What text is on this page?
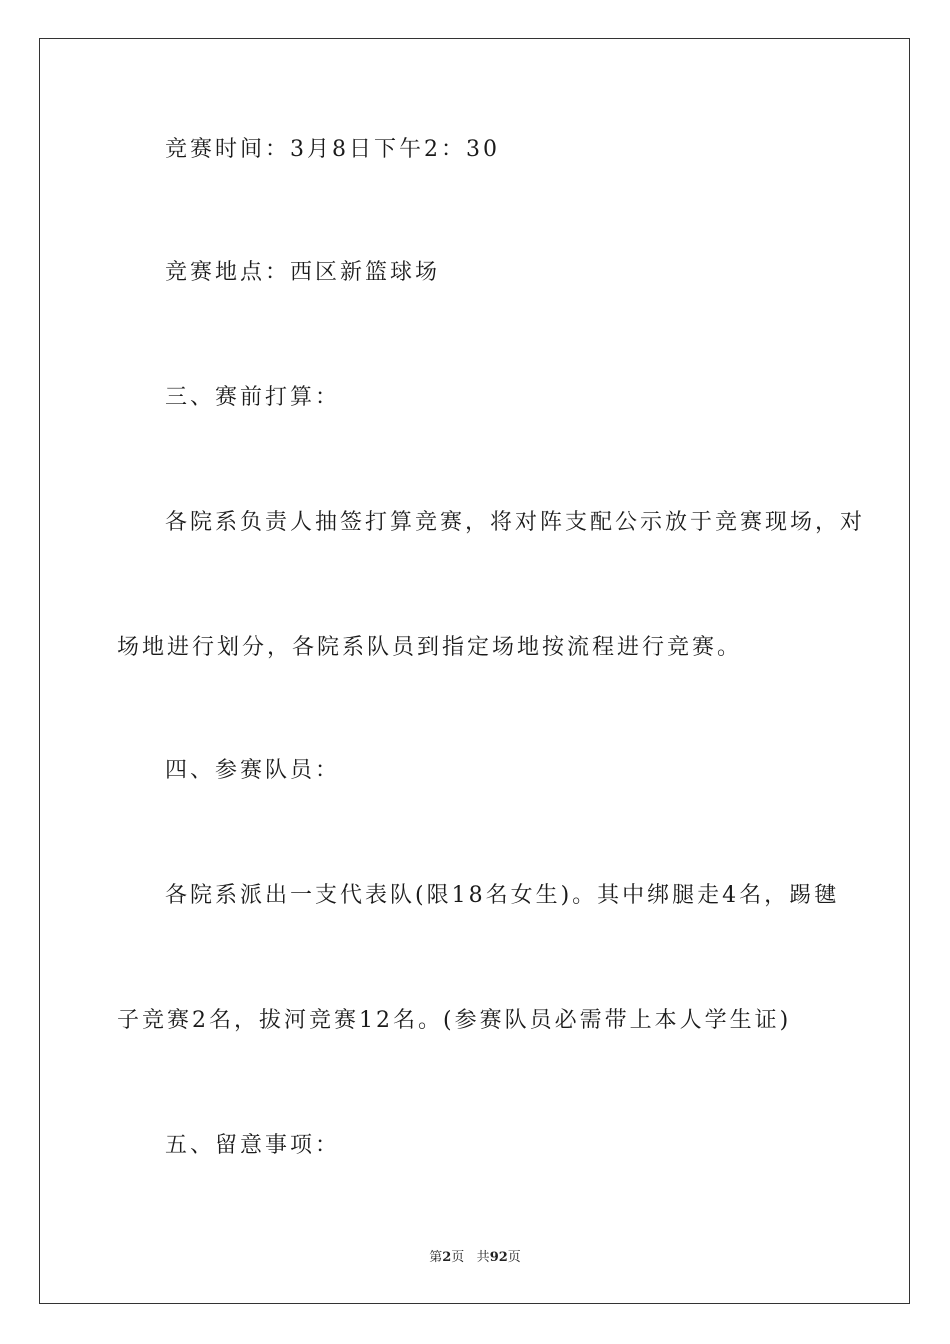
竞赛时间：3月8日下午2：30
竞赛地点：西区新篮球场
三、赛前打算：
各院系负责人抽签打算竞赛，将对阵支配公示放于竞赛现场，对
场地进行划分，各院系队员到指定场地按流程进行竞赛。
四、参赛队员：
各院系派出一支代表队(限18名女生)。其中绑腿走4名，踢毽
子竞赛2名，拔河竞赛12名。(参赛队员必需带上本人学生证)
五、留意事项：
第2页 共92页
